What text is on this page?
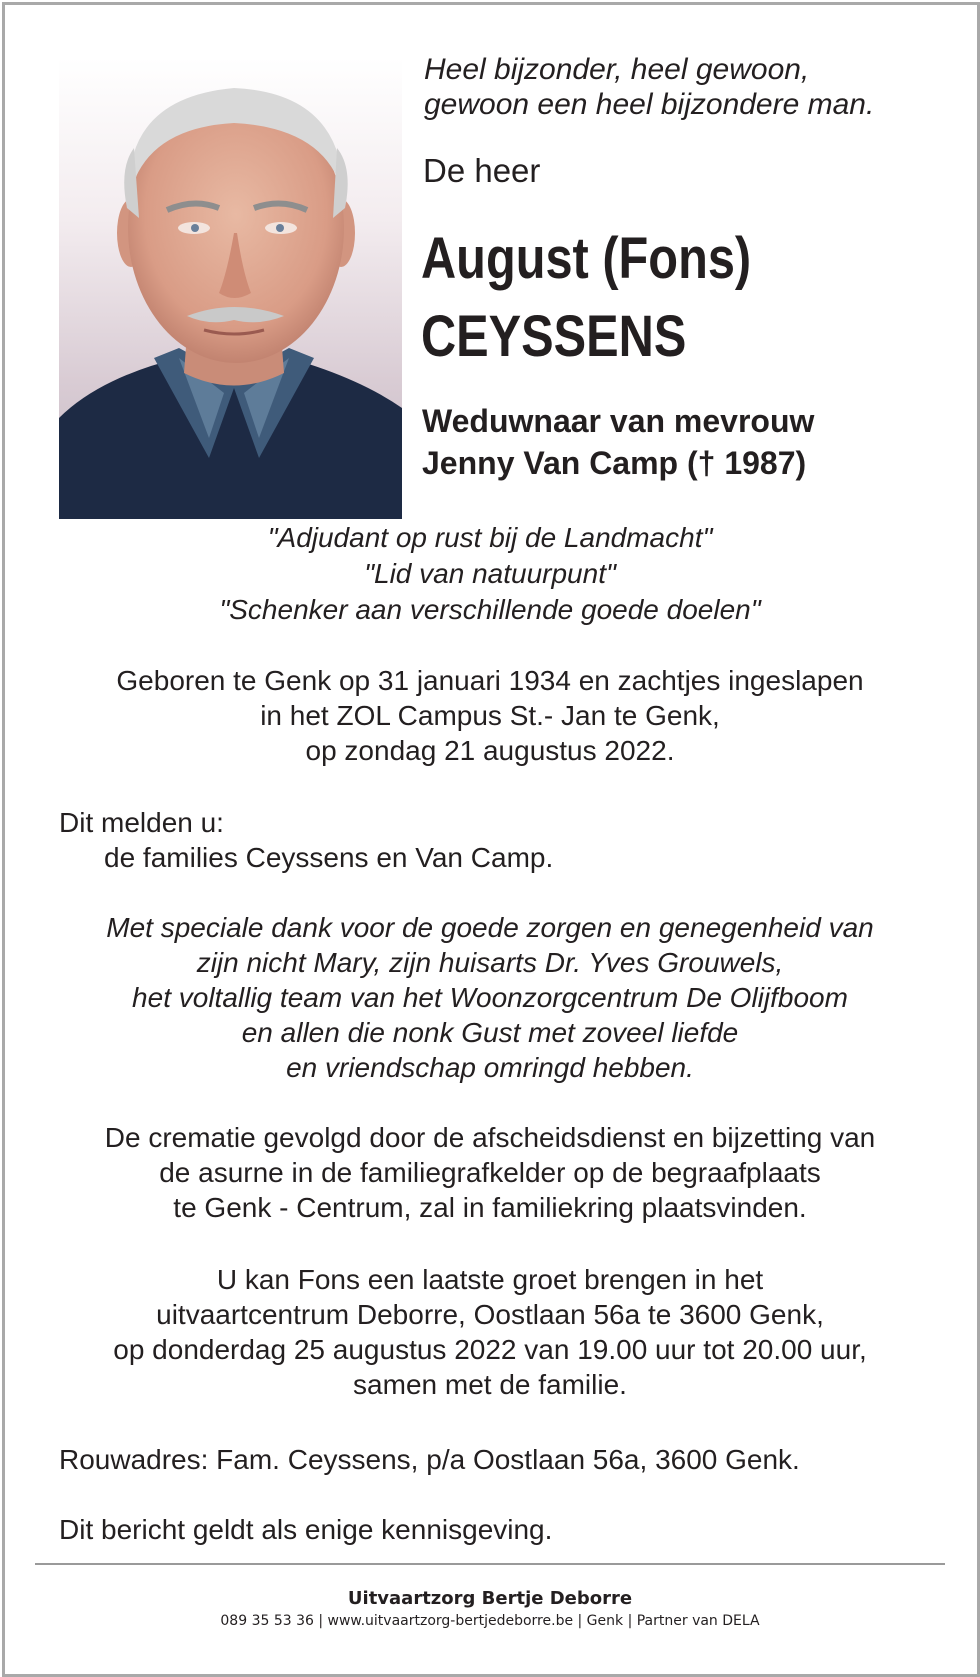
Heel bijzonder, heel gewoon,
gewoon een heel bijzondere man.
De heer
August (Fons)
CEYSSENS
Weduwnaar van mevrouw
Jenny Van Camp († 1987)
"Adjudant op rust bij de Landmacht"
"Lid van natuurpunt"
"Schenker aan verschillende goede doelen"
Geboren te Genk op 31 januari 1934 en zachtjes ingeslapen
in het ZOL Campus St.- Jan te Genk,
op zondag 21 augustus 2022.
Dit melden u:
de families Ceyssens en Van Camp.
Met speciale dank voor de goede zorgen en genegenheid van
zijn nicht Mary, zijn huisarts Dr. Yves Grouwels,
het voltallig team van het Woonzorgcentrum De Olijfboom
en allen die nonk Gust met zoveel liefde
en vriendschap omringd hebben.
De crematie gevolgd door de afscheidsdienst en bijzetting van
de asurne in de familiegrafkelder op de begraafplaats
te Genk - Centrum, zal in familiekring plaatsvinden.
U kan Fons een laatste groet brengen in het
uitvaartcentrum Deborre, Oostlaan 56a te 3600 Genk,
op donderdag 25 augustus 2022 van 19.00 uur tot 20.00 uur,
samen met de familie.
Rouwadres: Fam. Ceyssens, p/a Oostlaan 56a, 3600 Genk.
Dit bericht geldt als enige kennisgeving.
Uitvaartzorg Bertje Deborre
089 35 53 36 | www.uitvaartzorg-bertjedeborre.be | Genk | Partner van DELA
